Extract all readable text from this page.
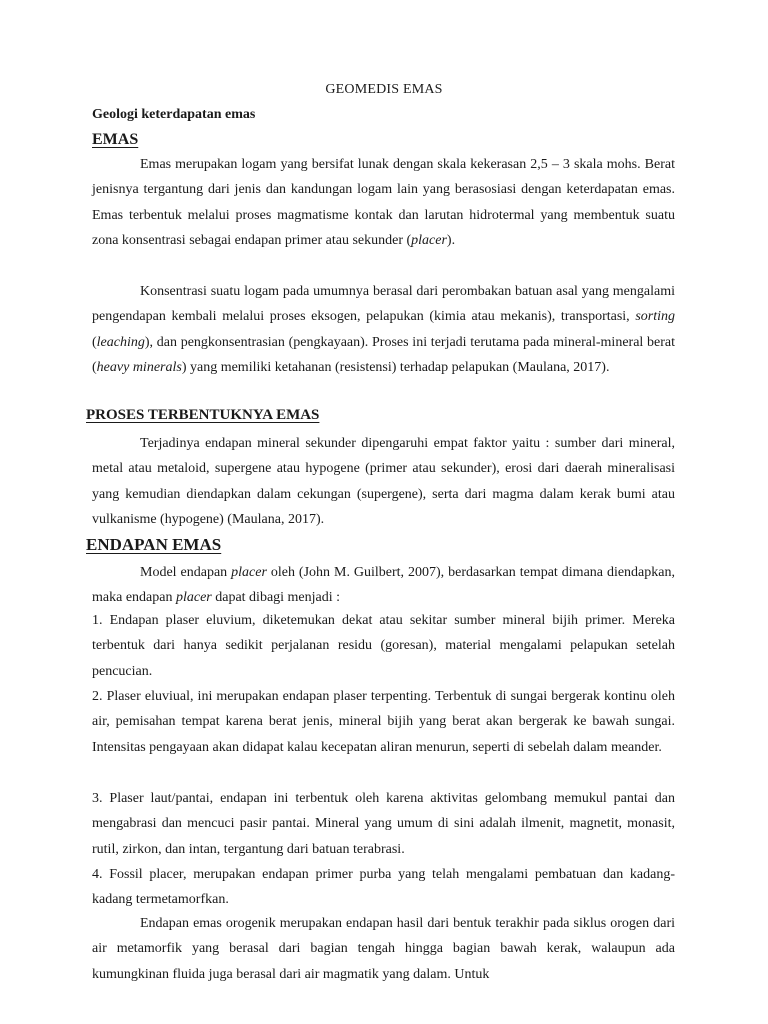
GEOMEDIS EMAS
Geologi keterdapatan emas
EMAS

Emas merupakan logam yang bersifat lunak dengan skala kekerasan 2,5 – 3 skala mohs. Berat jenisnya tergantung dari jenis dan kandungan logam lain yang berasosiasi dengan keterdapatan emas. Emas terbentuk melalui proses magmatisme kontak dan larutan hidrotermal yang membentuk suatu zona konsentrasi sebagai endapan primer atau sekunder (placer).

Konsentrasi suatu logam pada umumnya berasal dari perombakan batuan asal yang mengalami pengendapan kembali melalui proses eksogen, pelapukan (kimia atau mekanis), transportasi, sorting (leaching), dan pengkonsentrasian (pengkayaan). Proses ini terjadi terutama pada mineral-mineral berat (heavy minerals) yang memiliki ketahanan (resistensi) terhadap pelapukan (Maulana, 2017).

PROSES TERBENTUKNYA EMAS

Terjadinya endapan mineral sekunder dipengaruhi empat faktor yaitu : sumber dari mineral, metal atau metaloid, supergene atau hypogene (primer atau sekunder), erosi dari daerah mineralisasi yang kemudian diendapkan dalam cekungan (supergene), serta dari magma dalam kerak bumi atau vulkanisme (hypogene) (Maulana, 2017).

ENDAPAN EMAS

Model endapan placer oleh (John M. Guilbert, 2007), berdasarkan tempat dimana diendapkan, maka endapan placer dapat dibagi menjadi :

1. Endapan plaser eluvium, diketemukan dekat atau sekitar sumber mineral bijih primer. Mereka terbentuk dari hanya sedikit perjalanan residu (goresan), material mengalami pelapukan setelah pencucian.

2. Plaser eluviual, ini merupakan endapan plaser terpenting. Terbentuk di sungai bergerak kontinu oleh air, pemisahan tempat karena berat jenis, mineral bijih yang berat akan bergerak ke bawah sungai. Intensitas pengayaan akan didapat kalau kecepatan aliran menurun, seperti di sebelah dalam meander.

3. Plaser laut/pantai, endapan ini terbentuk oleh karena aktivitas gelombang memukul pantai dan mengabrasi dan mencuci pasir pantai. Mineral yang umum di sini adalah ilmenit, magnetit, monasit, rutil, zirkon, dan intan, tergantung dari batuan terabrasi.

4. Fossil placer, merupakan endapan primer purba yang telah mengalami pembatuan dan kadang-kadang termetamorfkan.

Endapan emas orogenik merupakan endapan hasil dari bentuk terakhir pada siklus orogen dari air metamorfik yang berasal dari bagian tengah hingga bagian bawah kerak, walaupun ada kumungkinan fluida juga berasal dari air magmatik yang dalam. Untuk
